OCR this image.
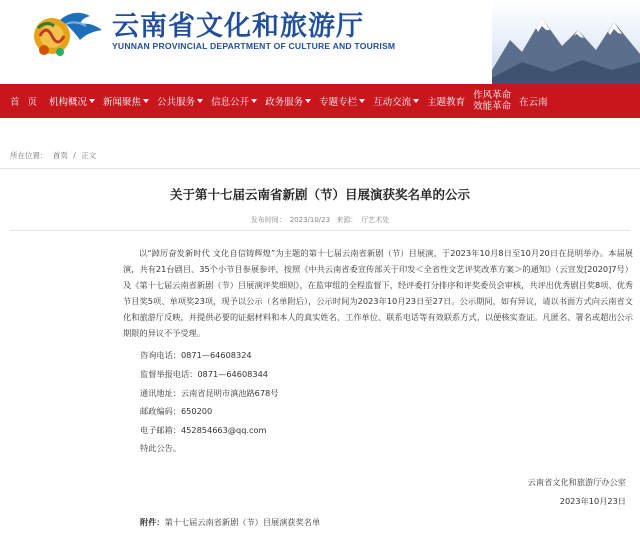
云南省文化和旅游厅
YUNNAN PROVINCIAL DEPARTMENT OF CULTURE AND TOURISM
首页 机构概况 新闻聚焦 公共服务 信息公开 政务服务 专题专栏 互动交流 主题教育
作风革命
效能革命 在云南
所在位置： 首页 / 正文
关于第十七届云南省新剧（节）目展演获奖名单的公示
发布时间： 2023/10/23 来源： 厅艺术处

以“踔厉奋发新时代 文化自信铸辉煌”为主题的第十七届云南省新剧（节）目展演，于2023年10月8日至10月20日在昆明举办。本届展演，共有21台剧目、35个小节目参展参评，按照《中共云南省委宣传部关于印发＜全省性文艺评奖改革方案＞的通知》（云宣发[2020]7号）及《第十七届云南省新剧（节）目展演评奖细则》，在监审组的全程监督下，经评委打分排序和评奖委员会审核，共评出优秀剧目奖8项、优秀节目奖5项、单项奖23项，现予以公示（名单附后），公示时间为2023年10月23日至27日。公示期间，如有异议，请以书面方式向云南省文化和旅游厅反映，并提供必要的证据材料和本人的真实姓名、工作单位、联系电话等有效联系方式，以便核实查证。凡匿名、署名或超出公示期限的异议不予受理。

咨询电话：0871—64608324
监督举报电话：0871—64608344
通讯地址：云南省昆明市滇池路678号
邮政编码：650200
电子邮箱：452854663@qq.com
特此公告。
云南省文化和旅游厅办公室
2023年10月23日
附件：第十七届云南省新剧（节）目展演获奖名单
